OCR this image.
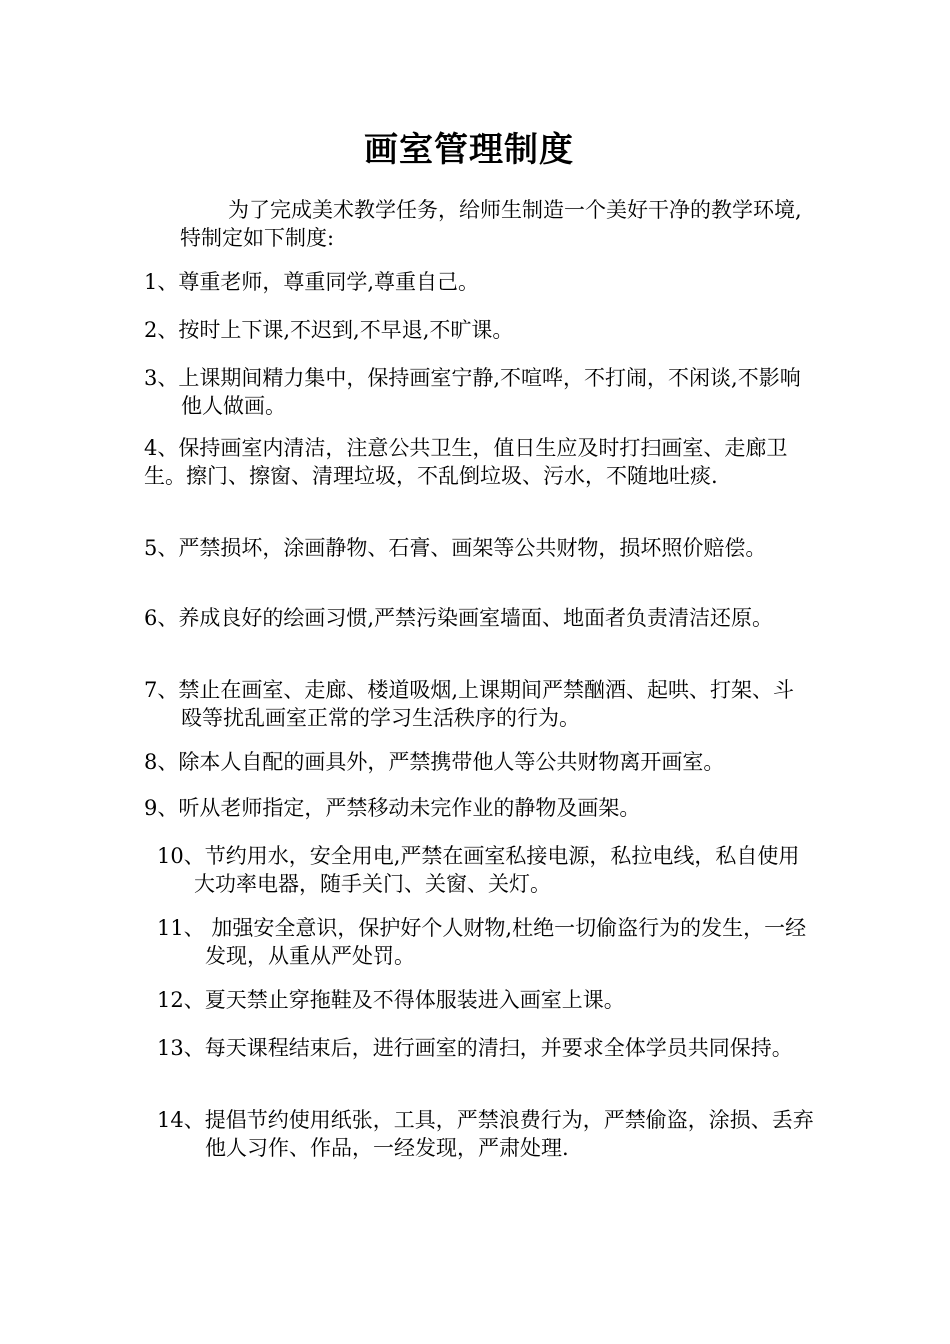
画室管理制度
为了完成美术教学任务，给师生制造一个美好干净的教学环境,特制定如下制度:
1、尊重老师，尊重同学,尊重自己。
2、按时上下课,不迟到,不早退,不旷课。
3、上课期间精力集中，保持画室宁静,不喧哗，不打闹，不闲谈,不影响他人做画。
4、保持画室内清洁，注意公共卫生，值日生应及时打扫画室、走廊卫生。擦门、擦窗、清理垃圾，不乱倒垃圾、污水，不随地吐痰.
5、严禁损坏，涂画静物、石膏、画架等公共财物，损坏照价赔偿。
6、养成良好的绘画习惯,严禁污染画室墙面、地面者负责清洁还原。
7、禁止在画室、走廊、楼道吸烟,上课期间严禁酗酒、起哄、打架、斗殴等扰乱画室正常的学习生活秩序的行为。
8、除本人自配的画具外，严禁携带他人等公共财物离开画室。
9、听从老师指定，严禁移动未完作业的静物及画架。
10、节约用水，安全用电,严禁在画室私接电源，私拉电线，私自使用大功率电器，随手关门、关窗、关灯。
11、 加强安全意识，保护好个人财物,杜绝一切偷盗行为的发生，一经发现，从重从严处罚。
12、夏天禁止穿拖鞋及不得体服装进入画室上课。
13、每天课程结束后，进行画室的清扫，并要求全体学员共同保持。
14、提倡节约使用纸张，工具，严禁浪费行为，严禁偷盗，涂损、丢弃他人习作、作品，一经发现，严肃处理.
